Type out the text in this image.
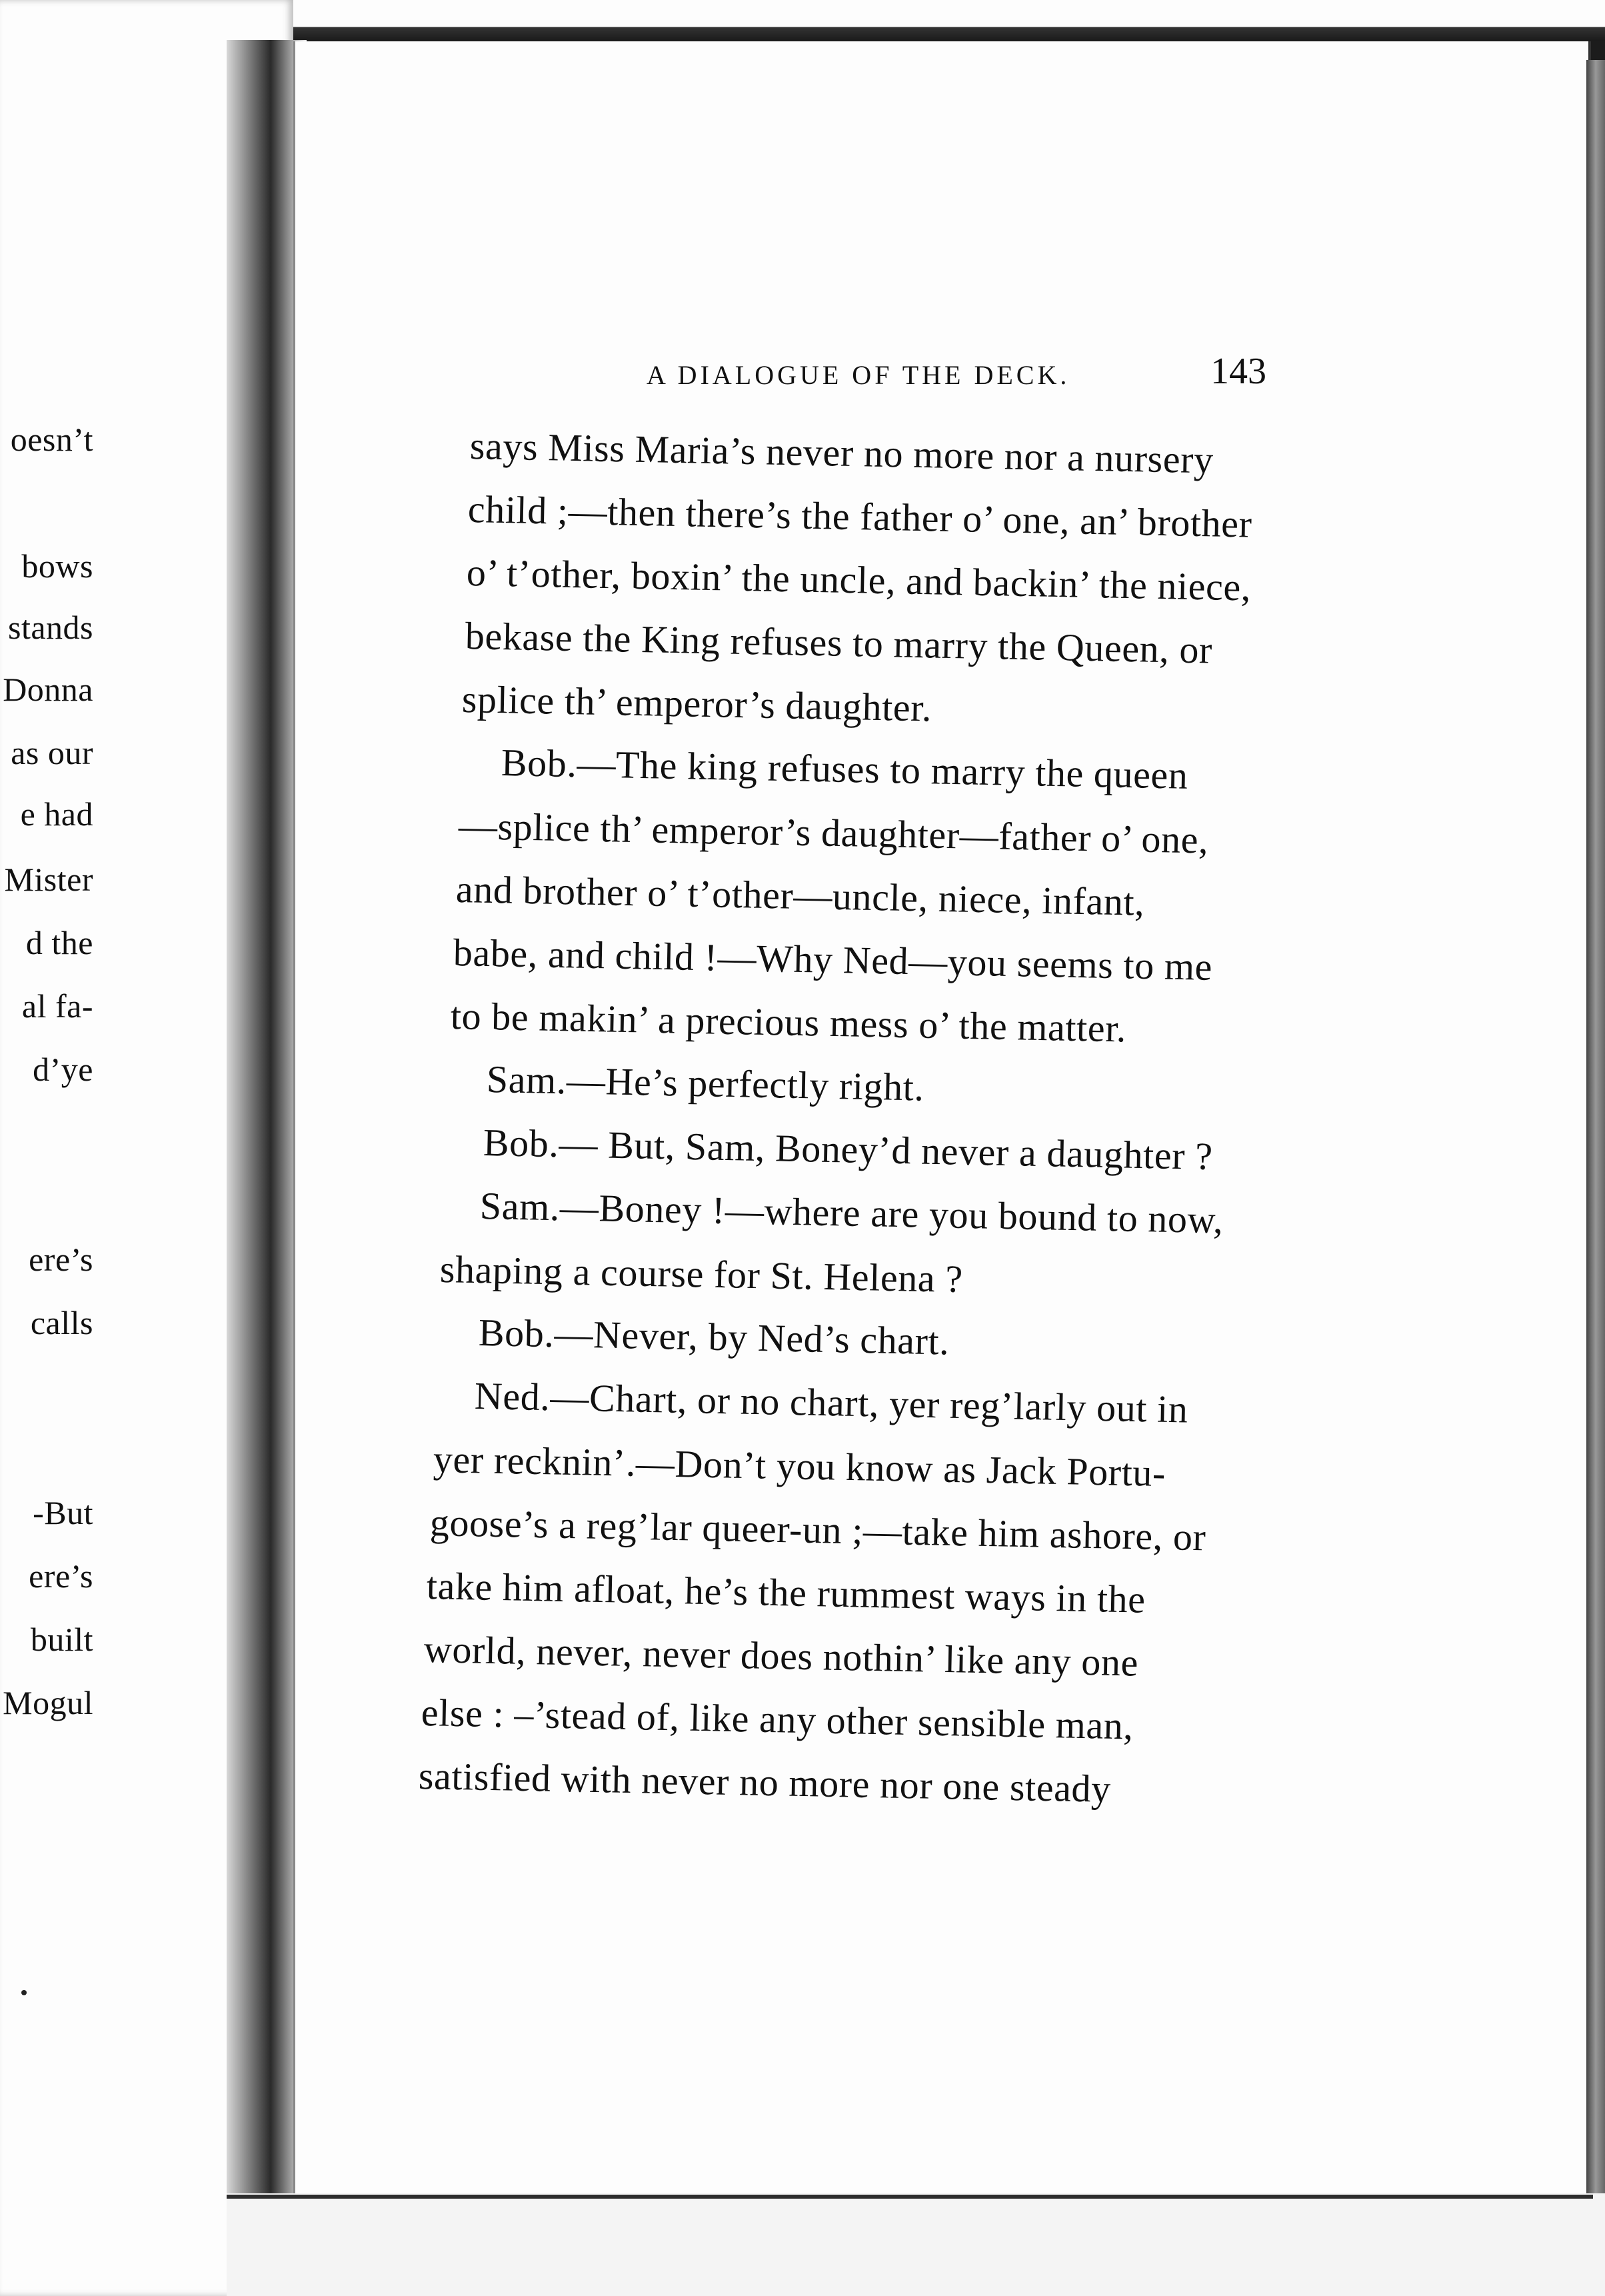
oesn’t
bows
stands
Donna
as our
e had
Mister
d the
al fa-
d’ye
ere’s
calls
-But
ere’s
built
Mogul
A DIALOGUE OF THE DECK.	143
says Miss Maria’s never no more nor a nursery
child ;—then there’s the father o’ one, an’ brother
o’ t’other, boxin’ the uncle, and backin’ the niece,
bekase the King refuses to marry the Queen, or
splice th’ emperor’s daughter.
Bob.—The king refuses to marry the queen
—splice th’ emperor’s daughter—father o’ one,
and brother o’ t’other—uncle, niece, infant,
babe, and child !—Why Ned—you seems to me
to be makin’ a precious mess o’ the matter.
Sam.—He’s perfectly right.
Bob.— But, Sam, Boney’d never a daughter ?
Sam.—Boney !—where are you bound to now,
shaping a course for St. Helena ?
Bob.—Never, by Ned’s chart.
Ned.—Chart, or no chart, yer reg’larly out in
yer recknin’.—Don’t you know as Jack Portu-
goose’s a reg’lar queer-un ;—take him ashore, or
take him afloat, he’s the rummest ways in the
world, never, never does nothin’ like any one
else : –’stead of, like any other sensible man,
satisfied with never no more nor one steady
